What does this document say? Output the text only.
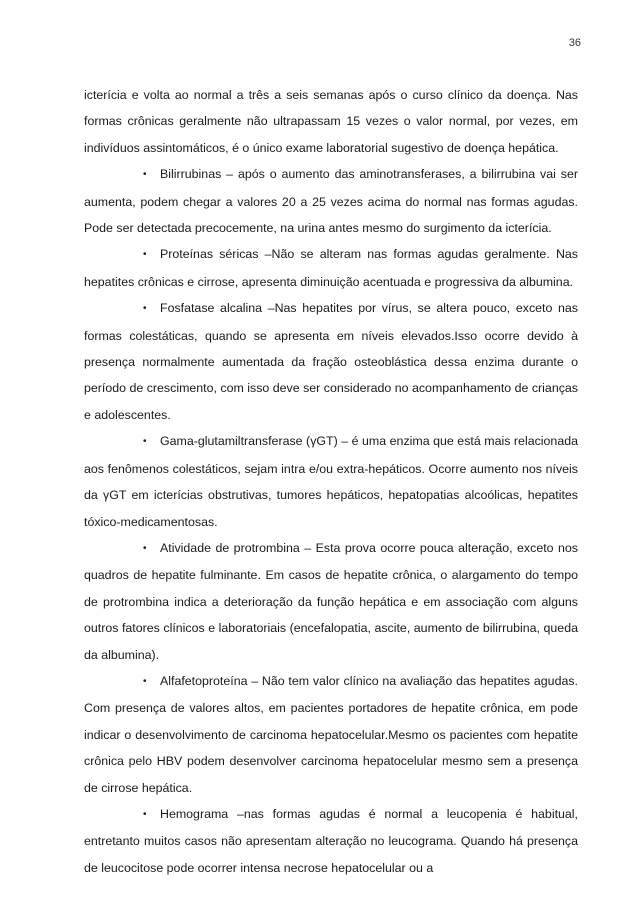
36

icterícia e volta ao normal a três a seis semanas após o curso clínico da doença. Nas formas crônicas geralmente não ultrapassam 15 vezes o valor normal, por vezes, em indivíduos assintomáticos, é o único exame laboratorial sugestivo de doença hepática.

• Bilirrubinas – após o aumento das aminotransferases, a bilirrubina vai ser aumenta, podem chegar a valores 20 a 25 vezes acima do normal nas formas agudas. Pode ser detectada precocemente, na urina antes mesmo do surgimento da icterícia.

• Proteínas séricas –Não se alteram nas formas agudas geralmente. Nas hepatites crônicas e cirrose, apresenta diminuição acentuada e progressiva da albumina.

• Fosfatase alcalina –Nas hepatites por vírus, se altera pouco, exceto nas formas colestáticas, quando se apresenta em níveis elevados.Isso ocorre devido à presença normalmente aumentada da fração osteoblástica dessa enzima durante o período de crescimento, com isso deve ser considerado no acompanhamento de crianças e adolescentes.

• Gama-glutamiltransferase (γGT) – é uma enzima que está mais relacionada aos fenômenos colestáticos, sejam intra e/ou extra-hepáticos. Ocorre aumento nos níveis da γGT em icterícias obstrutivas, tumores hepáticos, hepatopatias alcoólicas, hepatites tóxico-medicamentosas.

• Atividade de protrombina – Esta prova ocorre pouca alteração, exceto nos quadros de hepatite fulminante. Em casos de hepatite crônica, o alargamento do tempo de protrombina indica a deterioração da função hepática e em associação com alguns outros fatores clínicos e laboratoriais (encefalopatia, ascite, aumento de bilirrubina, queda da albumina).

• Alfafetoproteína – Não tem valor clínico na avaliação das hepatites agudas. Com presença de valores altos, em pacientes portadores de hepatite crônica, em pode indicar o desenvolvimento de carcinoma hepatocelular.Mesmo os pacientes com hepatite crônica pelo HBV podem desenvolver carcinoma hepatocelular mesmo sem a presença de cirrose hepática.

• Hemograma –nas formas agudas é normal a leucopenia é habitual, entretanto muitos casos não apresentam alteração no leucograma. Quando há presença de leucocitose pode ocorrer intensa necrose hepatocelular ou a
